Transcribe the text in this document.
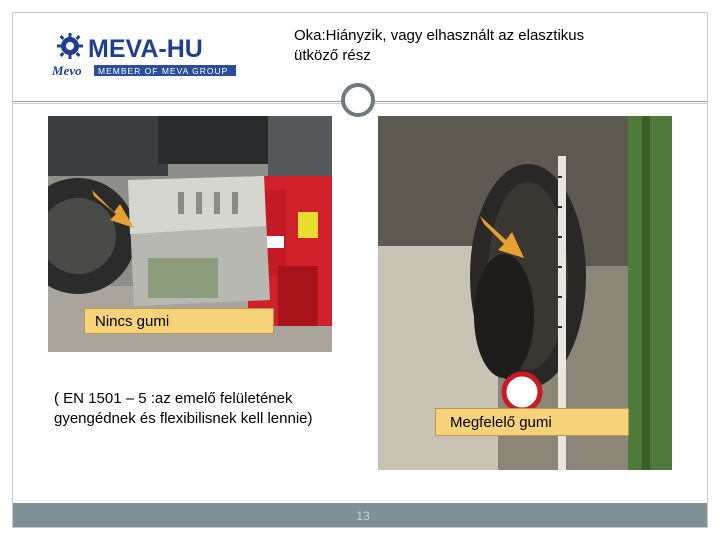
13
MEVA-HU
Mevo MEMBER OF MEVA GROUP
Oka:Hiányzik, vagy elhasznált az elasztikus ütköző rész
Nincs gumi
Megfelelő gumi
( EN 1501 – 5 :az emelő felületének gyengédnek és flexibilisnek kell lennie)
